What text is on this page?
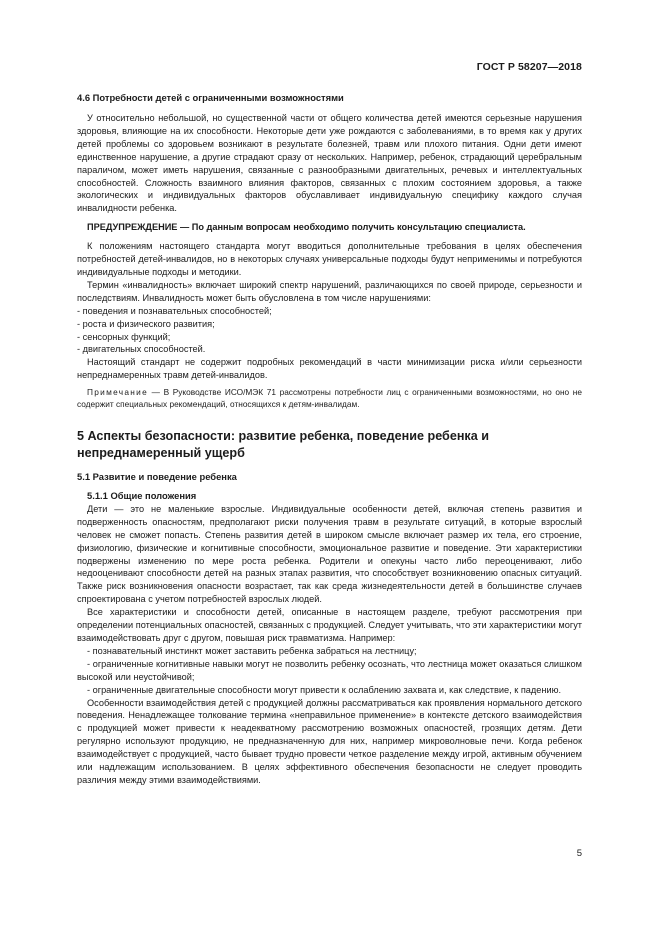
ГОСТ Р 58207—2018
4.6 Потребности детей с ограниченными возможностями

У относительно небольшой, но существенной части от общего количества детей имеются серьезные нарушения здоровья, влияющие на их способности. Некоторые дети уже рождаются с заболеваниями, в то время как у других детей проблемы со здоровьем возникают в результате болезней, травм или плохого питания. Одни дети имеют единственное нарушение, а другие страдают сразу от нескольких. Например, ребенок, страдающий церебральным параличом, может иметь нарушения, связанные с разнообразными двигательных, речевых и интеллектуальных способностей. Сложность взаимного влияния факторов, связанных с плохим состоянием здоровья, а также экологических и индивидуальных факторов обуславливает индивидуальную специфику каждого случая инвалидности ребенка.

ПРЕДУПРЕЖДЕНИЕ — По данным вопросам необходимо получить консультацию специалиста.

К положениям настоящего стандарта могут вводиться дополнительные требования в целях обеспечения потребностей детей-инвалидов, но в некоторых случаях универсальные подходы будут неприменимы и потребуются индивидуальные подходы и методики.

Термин «инвалидность» включает широкий спектр нарушений, различающихся по своей природе, серьезности и последствиям. Инвалидность может быть обусловлена в том числе нарушениями:

- поведения и познавательных способностей;

- роста и физического развития;

- сенсорных функций;

- двигательных способностей.

Настоящий стандарт не содержит подробных рекомендаций в части минимизации риска и/или серьезности непреднамеренных травм детей-инвалидов.

Примечание — В Руководстве ИСО/МЭК 71 рассмотрены потребности лиц с ограниченными возможностями, но оно не содержит специальных рекомендаций, относящихся к детям-инвалидам.

5 Аспекты безопасности: развитие ребенка, поведение ребенка и непреднамеренный ущерб
5.1 Развитие и поведение ребенка
5.1.1 Общие положения

Дети — это не маленькие взрослые. Индивидуальные особенности детей, включая степень развития и подверженность опасностям, предполагают риски получения травм в результате ситуаций, в которые взрослый человек не сможет попасть. Степень развития детей в широком смысле включает размер их тела, его строение, физиологию, физические и когнитивные способности, эмоциональное развитие и поведение. Эти характеристики подвержены изменению по мере роста ребенка. Родители и опекуны часто либо переоценивают, либо недооценивают способности детей на разных этапах развития, что способствует возникновению опасных ситуаций. Также риск возникновения опасности возрастает, так как среда жизнедеятельности детей в большинстве случаев спроектирована с учетом потребностей взрослых людей.

Все характеристики и способности детей, описанные в настоящем разделе, требуют рассмотрения при определении потенциальных опасностей, связанных с продукцией. Следует учитывать, что эти характеристики могут взаимодействовать друг с другом, повышая риск травматизма. Например:

- познавательный инстинкт может заставить ребенка забраться на лестницу;

- ограниченные когнитивные навыки могут не позволить ребенку осознать, что лестница может оказаться слишком высокой или неустойчивой;

- ограниченные двигательные способности могут привести к ослаблению захвата и, как следствие, к падению.

Особенности взаимодействия детей с продукцией должны рассматриваться как проявления нормального детского поведения. Ненадлежащее толкование термина «неправильное применение» в контексте детского взаимодействия с продукцией может привести к неадекватному рассмотрению возможных опасностей, грозящих детям. Дети регулярно используют продукцию, не предназначенную для них, например микроволновые печи. Когда ребенок взаимодействует с продукцией, часто бывает трудно провести четкое разделение между игрой, активным обучением или надлежащим использованием. В целях эффективного обеспечения безопасности не следует проводить различия между этими взаимодействиями.

5
